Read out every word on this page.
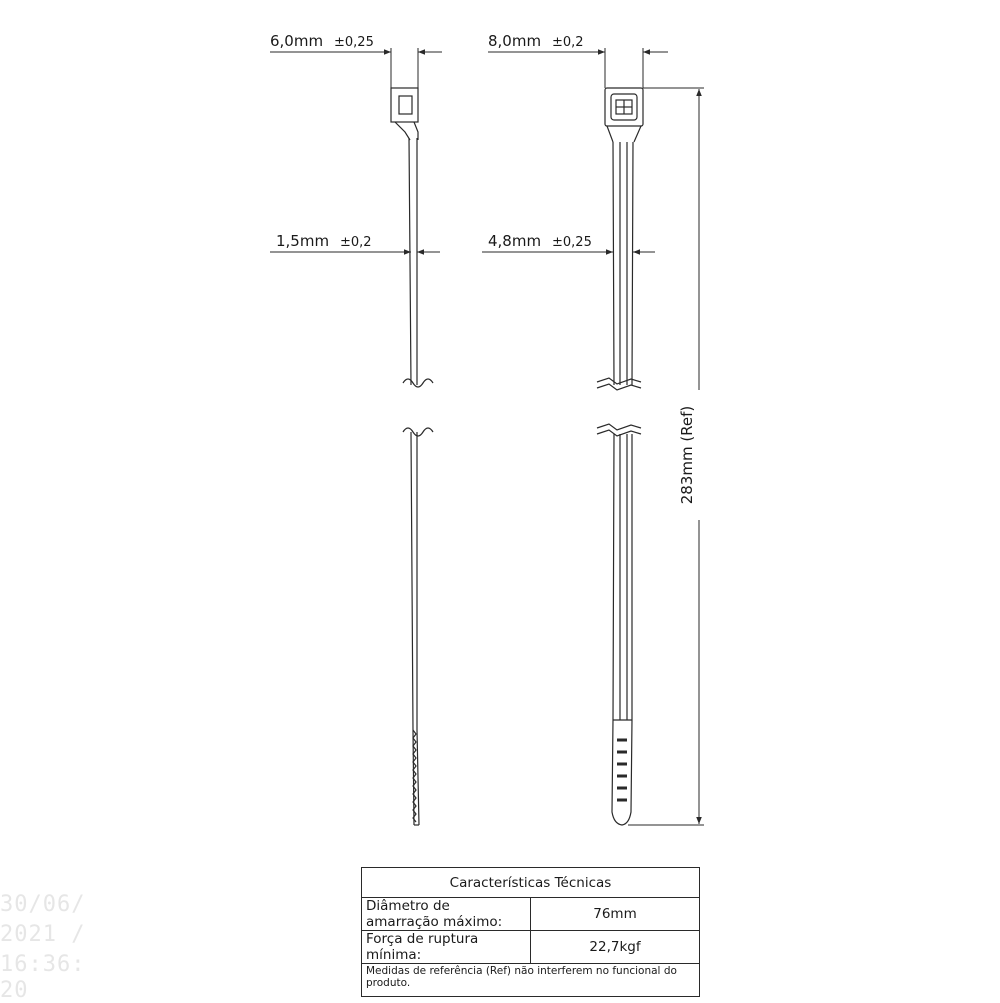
6,0mm ±0,25	8,0mm ±0,2
1,5mm ±0,2	4,8mm ±0,25
283mm (Ref)
Características Técnicas	
Diâmetro de amarração máximo:	76mm
Força de ruptura mínima:	22,7kgf
Medidas de referência (Ref) não interferem no funcional do produto.	
30/06/
2021 /
16:36:
20
